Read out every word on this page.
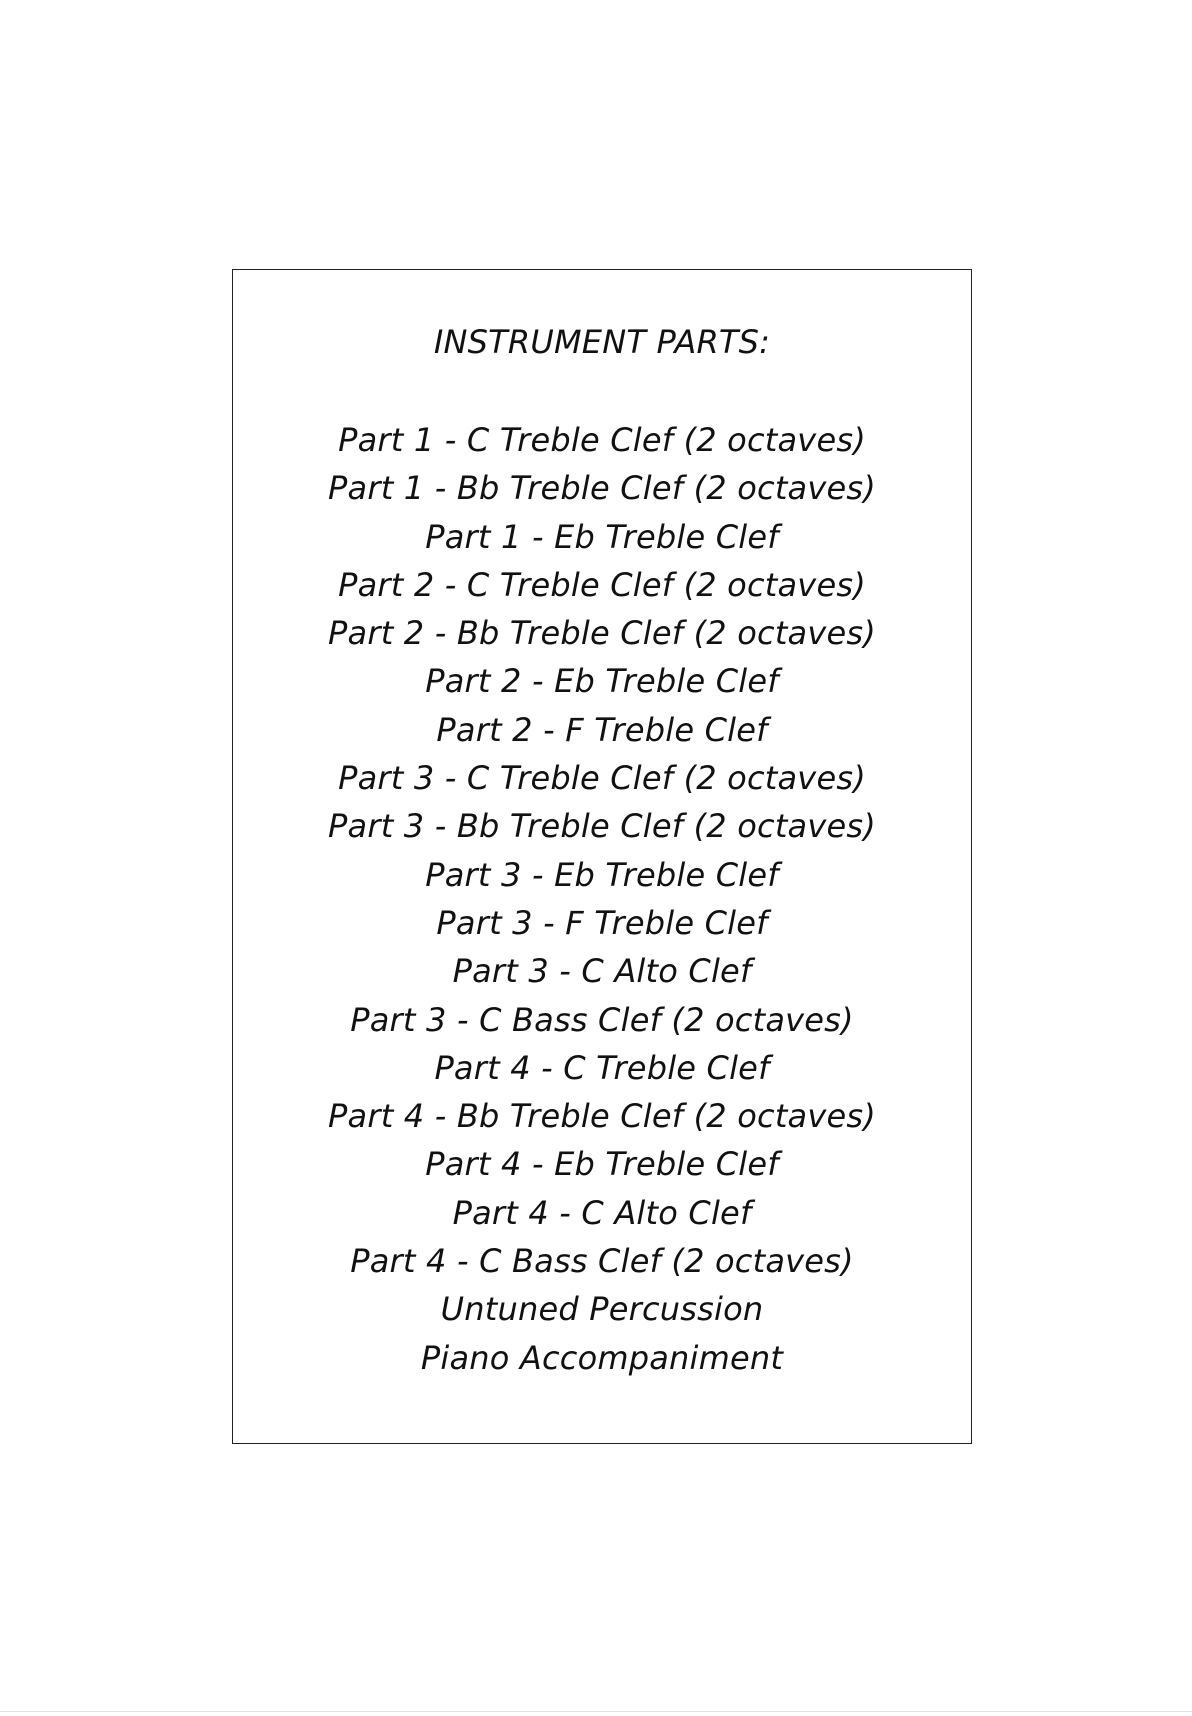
INSTRUMENT PARTS:
Part 1 - C Treble Clef (2 octaves)
Part 1 - Bb Treble Clef (2 octaves)
Part 1 - Eb Treble Clef
Part 2 - C Treble Clef (2 octaves)
Part 2 - Bb Treble Clef (2 octaves)
Part 2 - Eb Treble Clef
Part 2 - F Treble Clef
Part 3 - C Treble Clef (2 octaves)
Part 3 - Bb Treble Clef (2 octaves)
Part 3 - Eb Treble Clef
Part 3 - F Treble Clef
Part 3 - C Alto Clef
Part 3 - C Bass Clef (2 octaves)
Part 4 - C Treble Clef
Part 4 - Bb Treble Clef (2 octaves)
Part 4 - Eb Treble Clef
Part 4 - C Alto Clef
Part 4 - C Bass Clef (2 octaves)
Untuned Percussion
Piano Accompaniment
